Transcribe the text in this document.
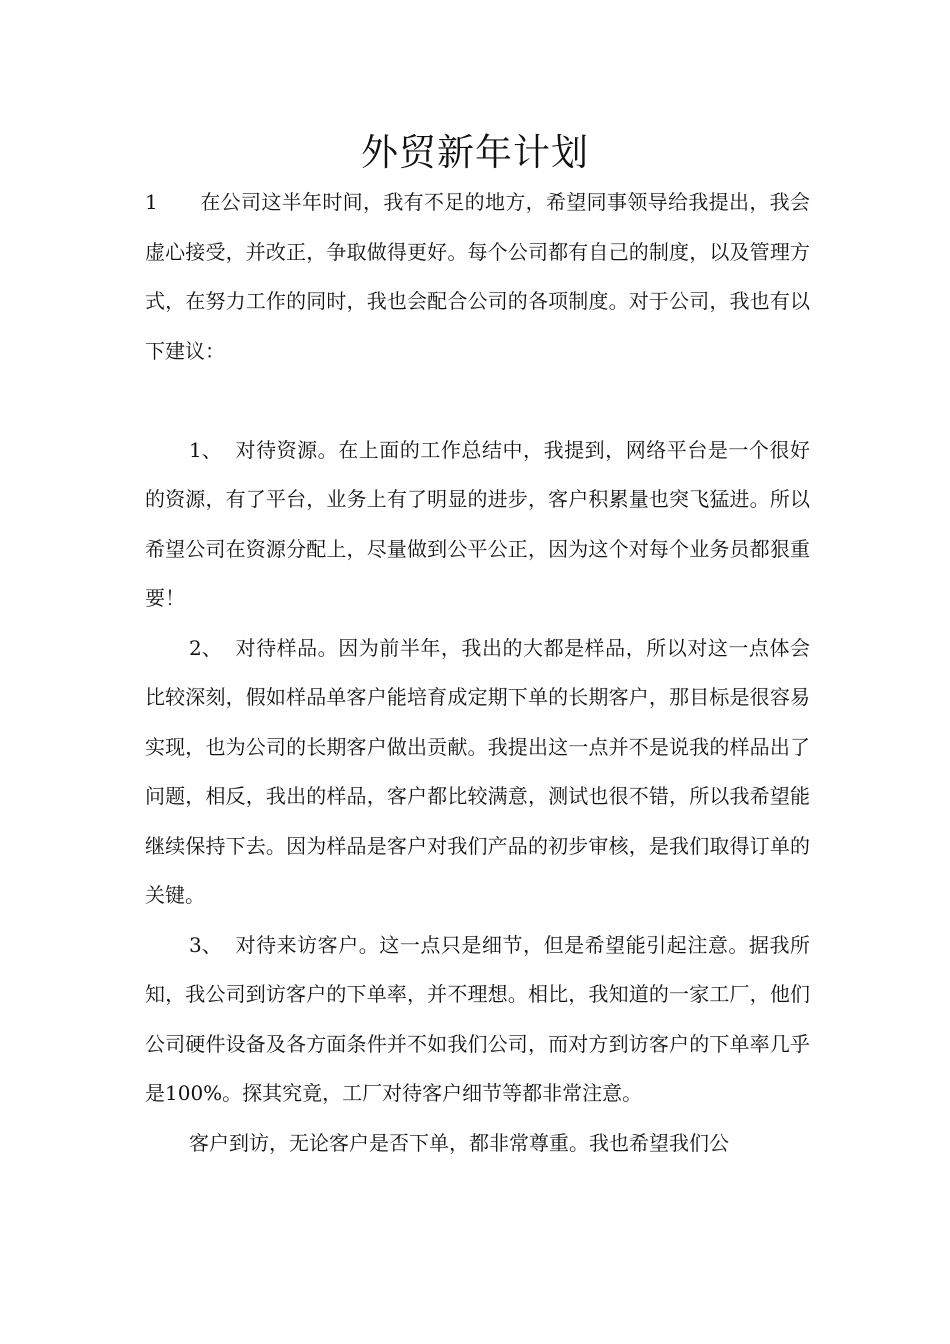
外贸新年计划

1 在公司这半年时间，我有不足的地方，希望同事领导给我提出，我会虚心接受，并改正，争取做得更好。每个公司都有自己的制度，以及管理方式，在努力工作的同时，我也会配合公司的各项制度。对于公司，我也有以下建议：

1、 对待资源。在上面的工作总结中，我提到，网络平台是一个很好的资源，有了平台，业务上有了明显的进步，客户积累量也突飞猛进。所以希望公司在资源分配上，尽量做到公平公正，因为这个对每个业务员都狠重要！

2、 对待样品。因为前半年，我出的大都是样品，所以对这一点体会比较深刻，假如样品单客户能培育成定期下单的长期客户，那目标是很容易实现，也为公司的长期客户做出贡献。我提出这一点并不是说我的样品出了问题，相反，我出的样品，客户都比较满意，测试也很不错，所以我希望能继续保持下去。因为样品是客户对我们产品的初步审核，是我们取得订单的关键。

3、 对待来访客户。这一点只是细节，但是希望能引起注意。据我所知，我公司到访客户的下单率，并不理想。相比，我知道的一家工厂，他们公司硬件设备及各方面条件并不如我们公司，而对方到访客户的下单率几乎是100%。探其究竟，工厂对待客户细节等都非常注意。

客户到访，无论客户是否下单，都非常尊重。我也希望我们公
